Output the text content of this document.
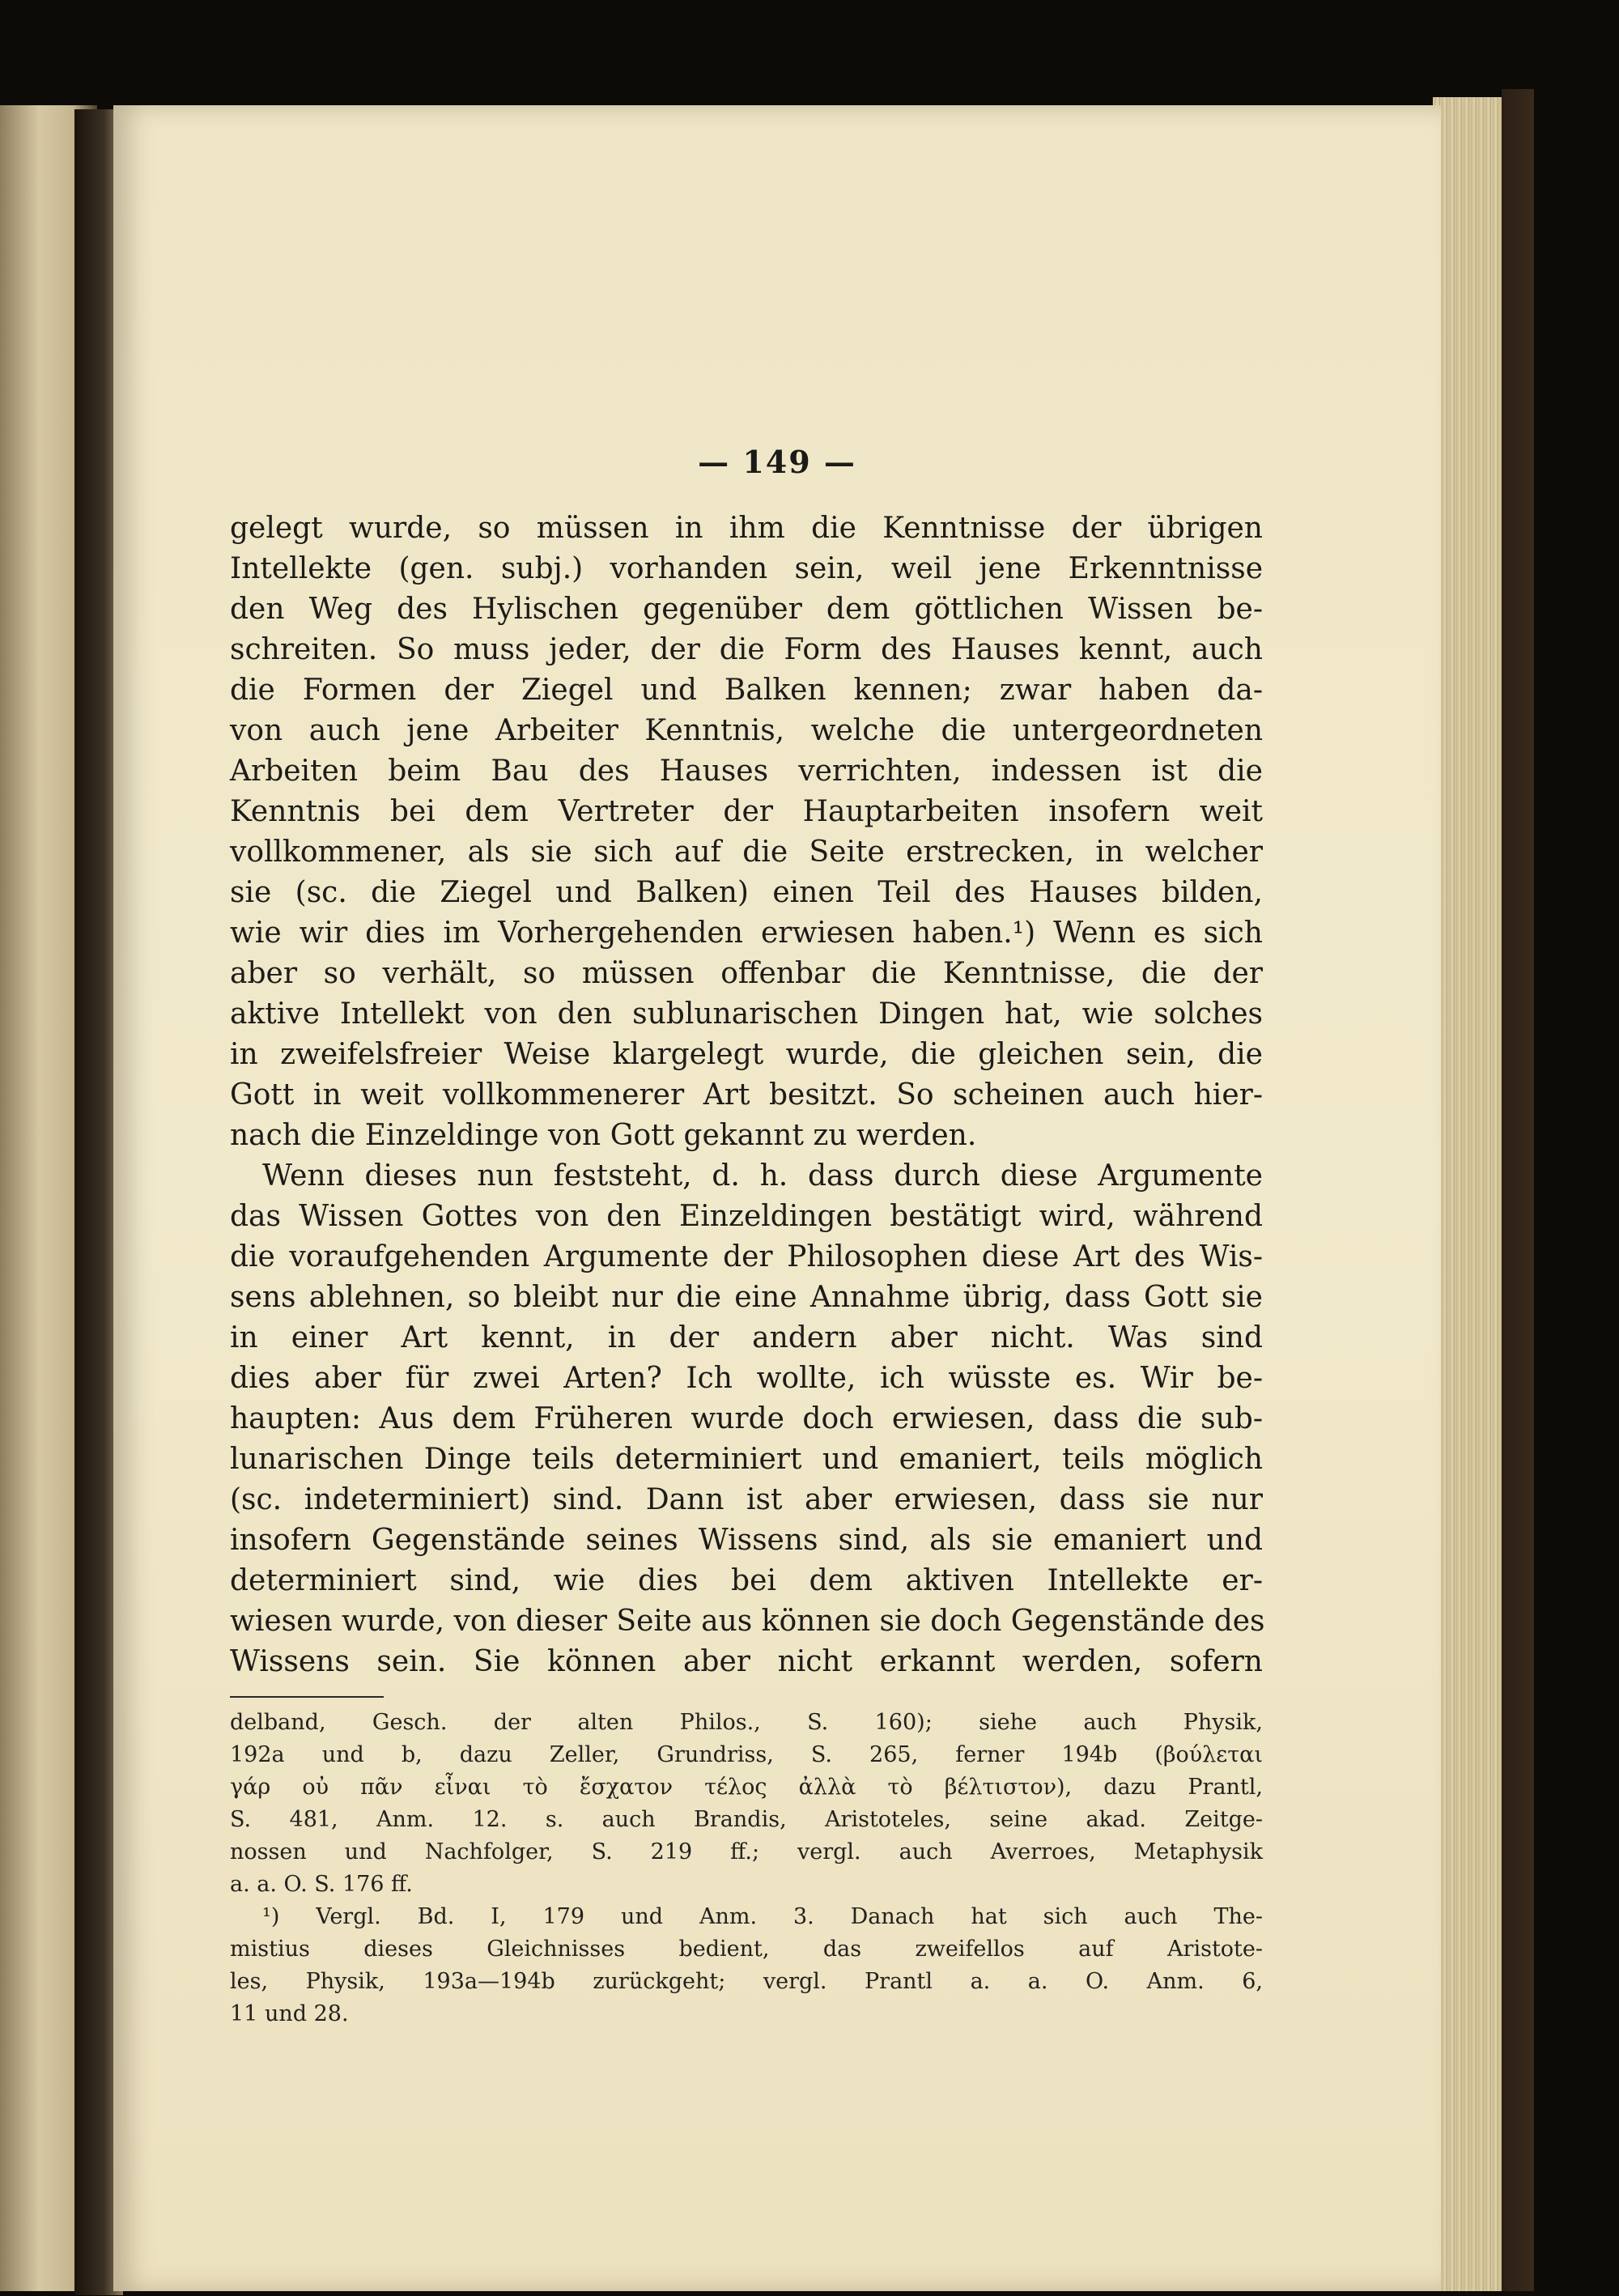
— 149 —
gelegt wurde, so müssen in ihm die Kenntnisse der übrigen
Intellekte (gen. subj.) vorhanden sein, weil jene Erkenntnisse
den Weg des Hylischen gegenüber dem göttlichen Wissen be-
schreiten. So muss jeder, der die Form des Hauses kennt, auch
die Formen der Ziegel und Balken kennen; zwar haben da-
von auch jene Arbeiter Kenntnis, welche die untergeordneten
Arbeiten beim Bau des Hauses verrichten, indessen ist die
Kenntnis bei dem Vertreter der Hauptarbeiten insofern weit
vollkommener, als sie sich auf die Seite erstrecken, in welcher
sie (sc. die Ziegel und Balken) einen Teil des Hauses bilden,
wie wir dies im Vorhergehenden erwiesen haben.¹) Wenn es sich
aber so verhält, so müssen offenbar die Kenntnisse, die der
aktive Intellekt von den sublunarischen Dingen hat, wie solches
in zweifelsfreier Weise klargelegt wurde, die gleichen sein, die
Gott in weit vollkommenerer Art besitzt. So scheinen auch hier-
nach die Einzeldinge von Gott gekannt zu werden.
Wenn dieses nun feststeht, d. h. dass durch diese Argumente
das Wissen Gottes von den Einzeldingen bestätigt wird, während
die voraufgehenden Argumente der Philosophen diese Art des Wis-
sens ablehnen, so bleibt nur die eine Annahme übrig, dass Gott sie
in einer Art kennt, in der andern aber nicht. Was sind
dies aber für zwei Arten? Ich wollte, ich wüsste es. Wir be-
haupten: Aus dem Früheren wurde doch erwiesen, dass die sub-
lunarischen Dinge teils determiniert und emaniert, teils möglich
(sc. indeterminiert) sind. Dann ist aber erwiesen, dass sie nur
insofern Gegenstände seines Wissens sind, als sie emaniert und
determiniert sind, wie dies bei dem aktiven Intellekte er-
wiesen wurde, von dieser Seite aus können sie doch Gegenstände des
Wissens sein. Sie können aber nicht erkannt werden, sofern
delband, Gesch. der alten Philos., S. 160); siehe auch Physik,
192a und b, dazu Zeller, Grundriss, S. 265, ferner 194b (βούλεται
γάρ οὐ πᾶν εἶναι τὸ ἔσχατον τέλος ἀλλὰ τὸ βέλτιστον), dazu Prantl,
S. 481, Anm. 12. s. auch Brandis, Aristoteles, seine akad. Zeitge-
nossen und Nachfolger, S. 219 ff.; vergl. auch Averroes, Metaphysik
a. a. O. S. 176 ff.
¹) Vergl. Bd. I, 179 und Anm. 3. Danach hat sich auch The-
mistius dieses Gleichnisses bedient, das zweifellos auf Aristote-
les, Physik, 193a—194b zurückgeht; vergl. Prantl a. a. O. Anm. 6,
11 und 28.
